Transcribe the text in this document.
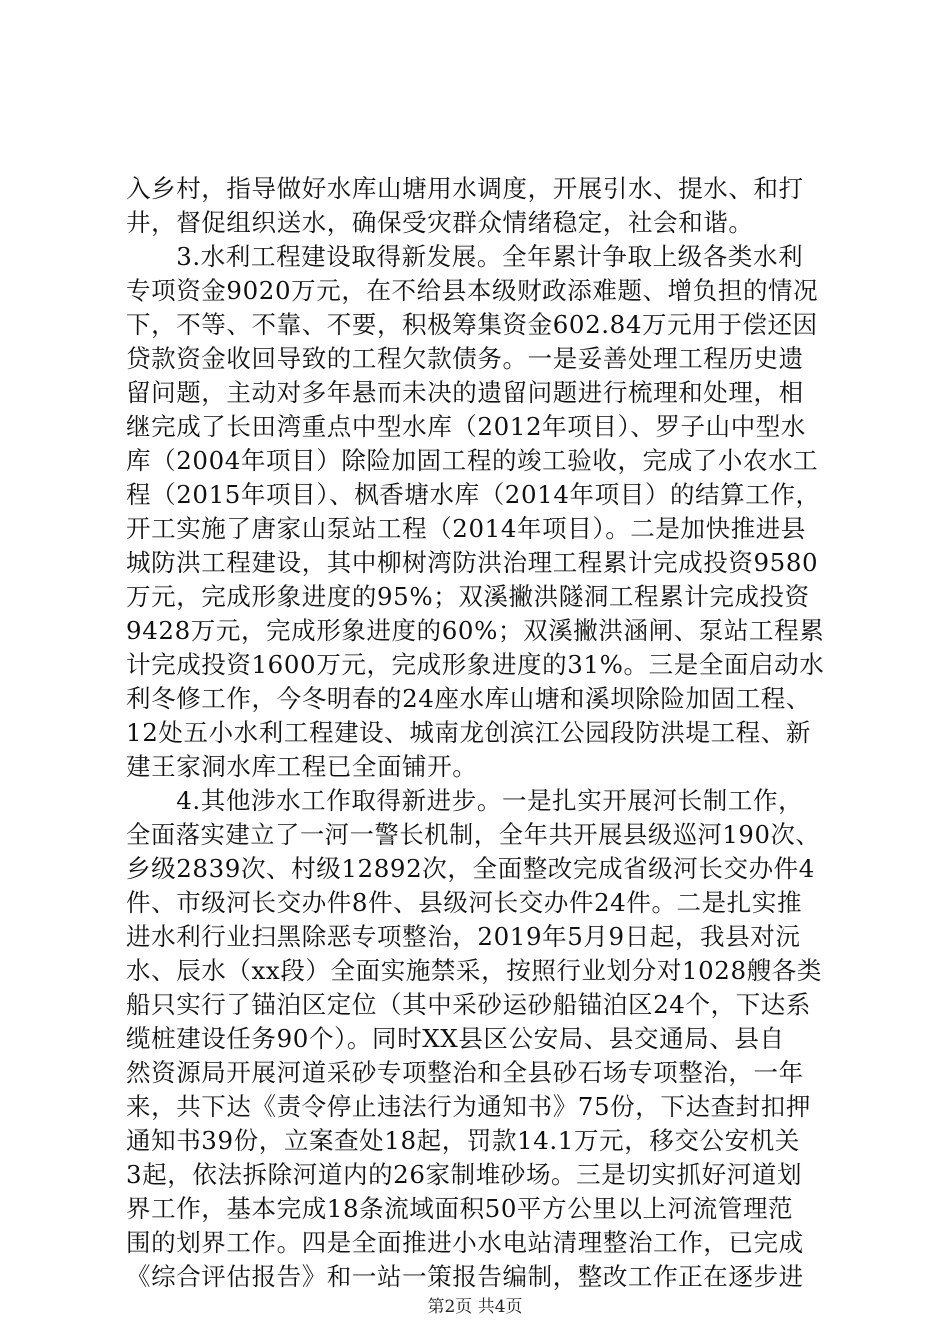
入乡村，指导做好水库山塘用水调度，开展引水、提水、和打
井，督促组织送水，确保受灾群众情绪稳定，社会和谐。
　　3.水利工程建设取得新发展。全年累计争取上级各类水利
专项资金9020万元，在不给县本级财政添难题、增负担的情况
下，不等、不靠、不要，积极筹集资金602.84万元用于偿还因
贷款资金收回导致的工程欠款债务。一是妥善处理工程历史遗
留问题，主动对多年悬而未决的遗留问题进行梳理和处理，相
继完成了长田湾重点中型水库（2012年项目）、罗子山中型水
库（2004年项目）除险加固工程的竣工验收，完成了小农水工
程（2015年项目）、枫香塘水库（2014年项目）的结算工作，
开工实施了唐家山泵站工程（2014年项目）。二是加快推进县
城防洪工程建设，其中柳树湾防洪治理工程累计完成投资9580
万元，完成形象进度的95%；双溪撇洪隧洞工程累计完成投资
9428万元，完成形象进度的60%；双溪撇洪涵闸、泵站工程累
计完成投资1600万元，完成形象进度的31%。三是全面启动水
利冬修工作，今冬明春的24座水库山塘和溪坝除险加固工程、
12处五小水利工程建设、城南龙创滨江公园段防洪堤工程、新
建王家洞水库工程已全面铺开。
　　4.其他涉水工作取得新进步。一是扎实开展河长制工作，
全面落实建立了一河一警长机制，全年共开展县级巡河190次、
乡级2839次、村级12892次，全面整改完成省级河长交办件4
件、市级河长交办件8件、县级河长交办件24件。二是扎实推
进水利行业扫黑除恶专项整治，2019年5月9日起，我县对沅
水、辰水（xx段）全面实施禁采，按照行业划分对1028艘各类
船只实行了锚泊区定位（其中采砂运砂船锚泊区24个，下达系
缆桩建设任务90个）。同时XX县区公安局、县交通局、县自
然资源局开展河道采砂专项整治和全县砂石场专项整治，一年
来，共下达《责令停止违法行为通知书》75份，下达查封扣押
通知书39份，立案查处18起，罚款14.1万元，移交公安机关
3起，依法拆除河道内的26家制堆砂场。三是切实抓好河道划
界工作，基本完成18条流域面积50平方公里以上河流管理范
围的划界工作。四是全面推进小水电站清理整治工作，已完成
《综合评估报告》和一站一策报告编制，整改工作正在逐步进
第2页 共4页
